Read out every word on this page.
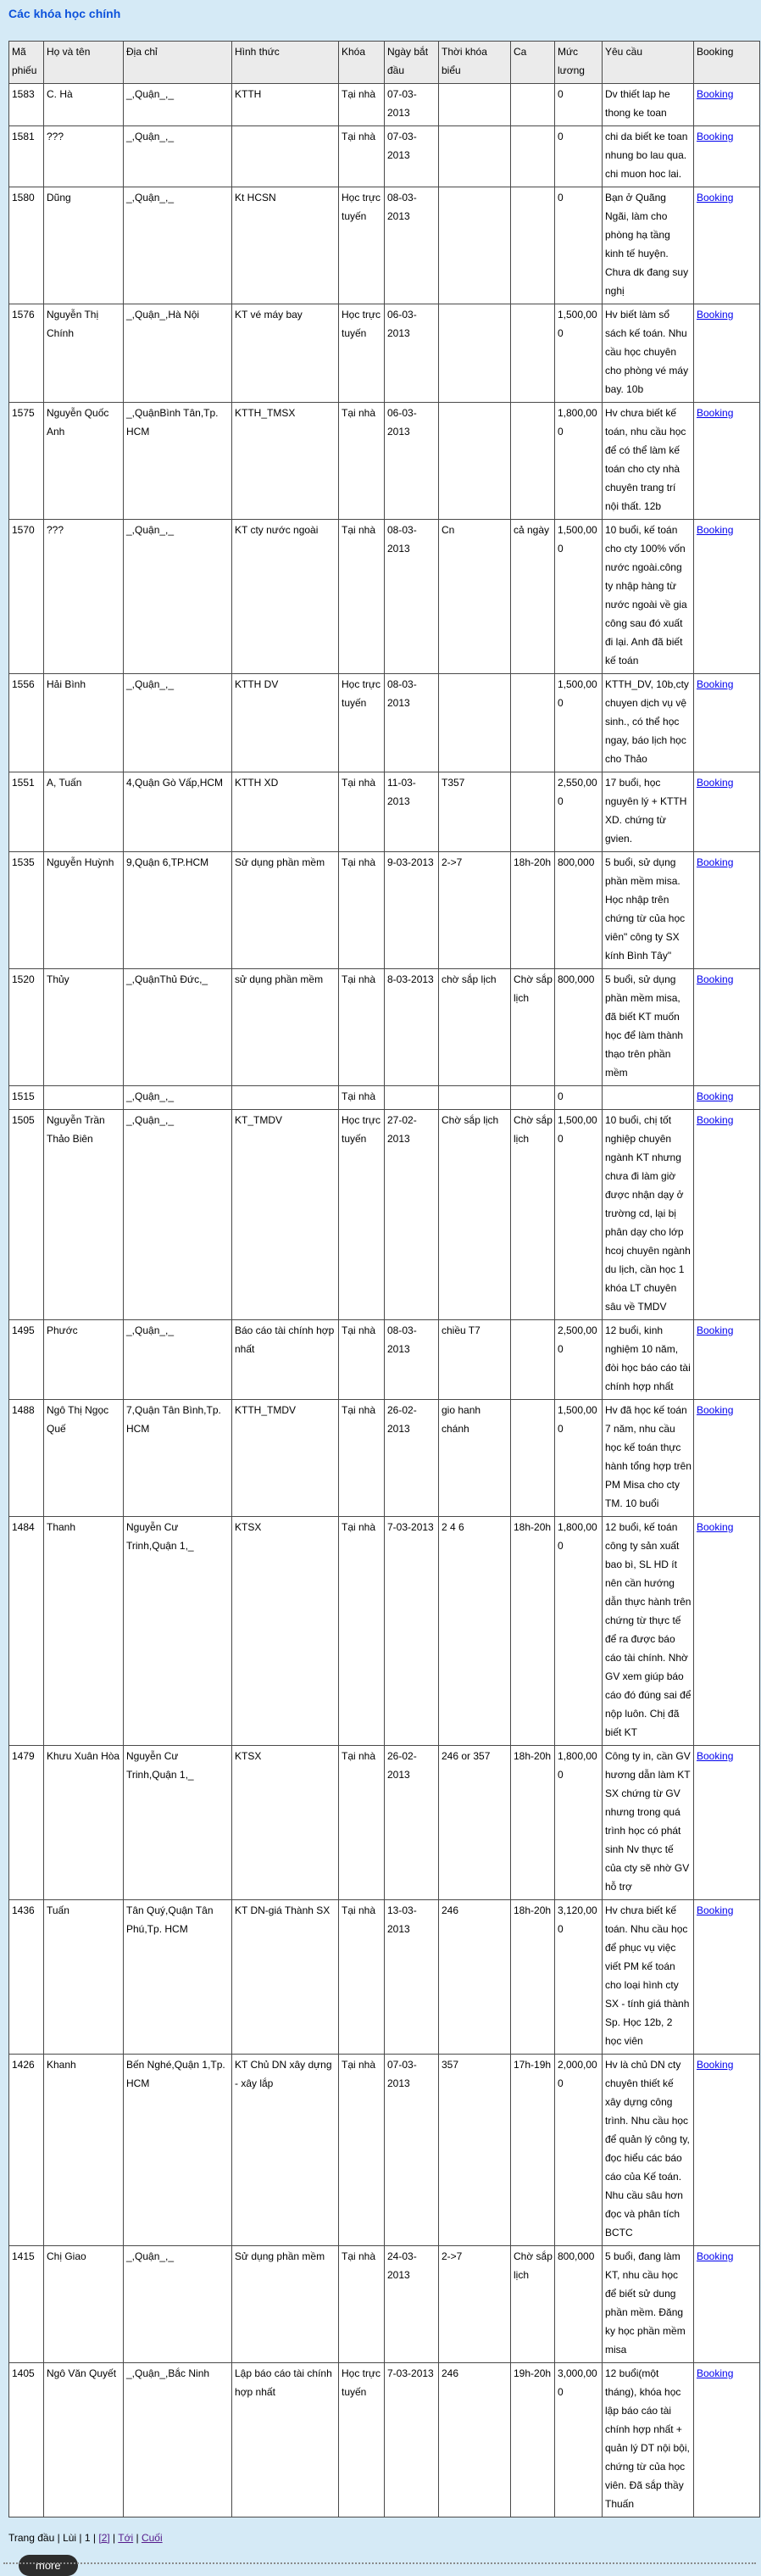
Các khóa học chính
Mã phiếu	Họ và tên	Địa chỉ	Hình thức	Khóa	Ngày bắt đầu	Thời khóa biểu	Ca	Mức lương	Yêu cầu	Booking
1583	C. Hà	_,Quận_,_	KTTH	Tại nhà	07-03-2013			0	Dv thiết lap he thong ke toan	Booking
1581	???	_,Quận_,_		Tại nhà	07-03-2013			0	chi da biết ke toan nhung bo lau qua. chi muon hoc lai.	Booking
1580	Dũng	_,Quận_,_	Kt HCSN	Học trực tuyến	08-03-2013			0	Bạn ở Quãng Ngãi, làm cho phòng hạ tầng kinh tế huyện. Chưa dk đang suy nghị	Booking
1576	Nguyễn Thị Chính	_,Quận_,Hà Nội	KT vé máy bay	Học trực tuyến	06-03-2013			1,500,000	Hv biết làm sổ sách kế toán. Nhu cầu học chuyên cho phòng vé máy bay. 10b	Booking
1575	Nguyễn Quốc Anh	_,QuậnBình Tân,Tp. HCM	KTTH_TMSX	Tại nhà	06-03-2013			1,800,000	Hv chưa biết kế toán, nhu cầu học để có thể làm kế toán cho cty nhà chuyên trang trí nội thất. 12b	Booking
1570	???	_,Quận_,_	KT cty nước ngoài	Tại nhà	08-03-2013	Cn	cả ngày	1,500,000	10 buổi, kế toán cho cty 100% vốn nước ngoài.công ty nhập hàng từ nước ngoài về gia công sau đó xuất đi lại. Anh đã biết kế toán	Booking
1556	Hải Bình	_,Quận_,_	KTTH DV	Học trực tuyến	08-03-2013			1,500,000	KTTH_DV, 10b,cty chuyen dịch vụ vệ sinh., có thể học ngay, báo lịch học cho Thảo	Booking
1551	A, Tuấn	4,Quận Gò Vấp,HCM	KTTH XD	Tại nhà	11-03-2013	T357		2,550,000	17 buổi, học nguyên lý + KTTH XD. chứng từ gvien.	Booking
1535	Nguyễn Huỳnh	9,Quận 6,TP.HCM	Sử dụng phần mềm	Tại nhà	9-03-2013	2->7	18h-20h	800,000	5 buổi, sử dụng phần mềm misa. Học nhập trên chứng từ của học viên" công ty SX kính Bình Tây"	Booking
1520	Thủy	_,QuậnThủ Đức,_	sử dụng phần mềm	Tại nhà	8-03-2013	chờ sắp lịch	Chờ sắp lịch	800,000	5 buổi, sử dụng phần mềm misa, đã biết KT muốn học để làm thành thạo trên phần mềm	Booking
1515		_,Quận_,_		Tại nhà				0		Booking
1505	Nguyễn Trần Thảo Biên	_,Quận_,_	KT_TMDV	Học trực tuyến	27-02-2013	Chờ sắp lịch	Chờ sắp lịch	1,500,000	10 buổi, chị tốt nghiệp chuyên ngành KT nhưng chưa đi làm giờ được nhận dạy ở trường cd, lại bị phân dạy cho lớp hcoj chuyên ngành du lịch, cần học 1 khóa LT chuyên sâu về TMDV	Booking
1495	Phước	_,Quận_,_	Báo cáo tài chính hợp nhất	Tại nhà	08-03-2013	chiều T7		2,500,000	12 buổi, kinh nghiệm 10 năm, đòi học báo cáo tài chính hợp nhất	Booking
1488	Ngô Thị Ngọc Quế	7,Quận Tân Bình,Tp. HCM	KTTH_TMDV	Tại nhà	26-02-2013	gio hanh chánh		1,500,000	Hv đã học kế toán 7 năm, nhu cầu học kế toán thực hành tổng hợp trên PM Misa cho cty TM. 10 buổi	Booking
1484	Thanh	Nguyễn Cư Trinh,Quận 1,_	KTSX	Tại nhà	7-03-2013	2 4 6	18h-20h	1,800,000	12 buổi, kế toán công ty sản xuất bao bì, SL HD ít nên cần hướng dẫn thực hành trên chứng từ thực tế để ra được báo cáo tài chính. Nhờ GV xem giúp báo cáo đó đúng sai để nộp luôn. Chị đã biết KT	Booking
1479	Khưu Xuân Hòa	Nguyễn Cư Trinh,Quận 1,_	KTSX	Tại nhà	26-02-2013	246 or 357	18h-20h	1,800,000	Công ty in, cần GV hương dẫn làm KT SX chứng từ GV nhưng trong quá trình học có phát sinh Nv thực tế của cty sẽ nhờ GV hỗ trợ	Booking
1436	Tuấn	Tân Quý,Quận Tân Phú,Tp. HCM	KT DN-giá Thành SX	Tại nhà	13-03-2013	246	18h-20h	3,120,000	Hv chưa biết kế toán. Nhu cầu học để phục vụ việc viết PM kế toán cho loại hình cty SX - tính giá thành Sp. Học 12b, 2 học viên	Booking
1426	Khanh	Bến Nghé,Quận 1,Tp. HCM	KT Chủ DN xây dựng - xây lắp	Tại nhà	07-03-2013	357	17h-19h	2,000,000	Hv là chủ DN cty chuyên thiết kế xây dựng công trình. Nhu cầu học để quản lý công ty, đọc hiểu các báo cáo của Kế toán. Nhu cầu sâu hơn đọc và phân tích BCTC	Booking
1415	Chị Giao	_,Quận_,_	Sử dụng phần mềm	Tại nhà	24-03-2013	2->7	Chờ sắp lịch	800,000	5 buổi, đang làm KT, nhu cầu học để biết sử dung phần mềm. Đăng ky học phần mềm misa	Booking
1405	Ngô Văn Quyết	_,Quận_,Bắc Ninh	Lập báo cáo tài chính hợp nhất	Học trực tuyến	7-03-2013	246	19h-20h	3,000,000	12 buổi(một tháng), khóa học lập báo cáo tài chính hợp nhất + quản lý DT nội bội, chứng từ của học viên. Đã sắp thầy Thuấn	Booking
Trang đầu | Lùi | 1 | [2] | Tới | Cuối
more
